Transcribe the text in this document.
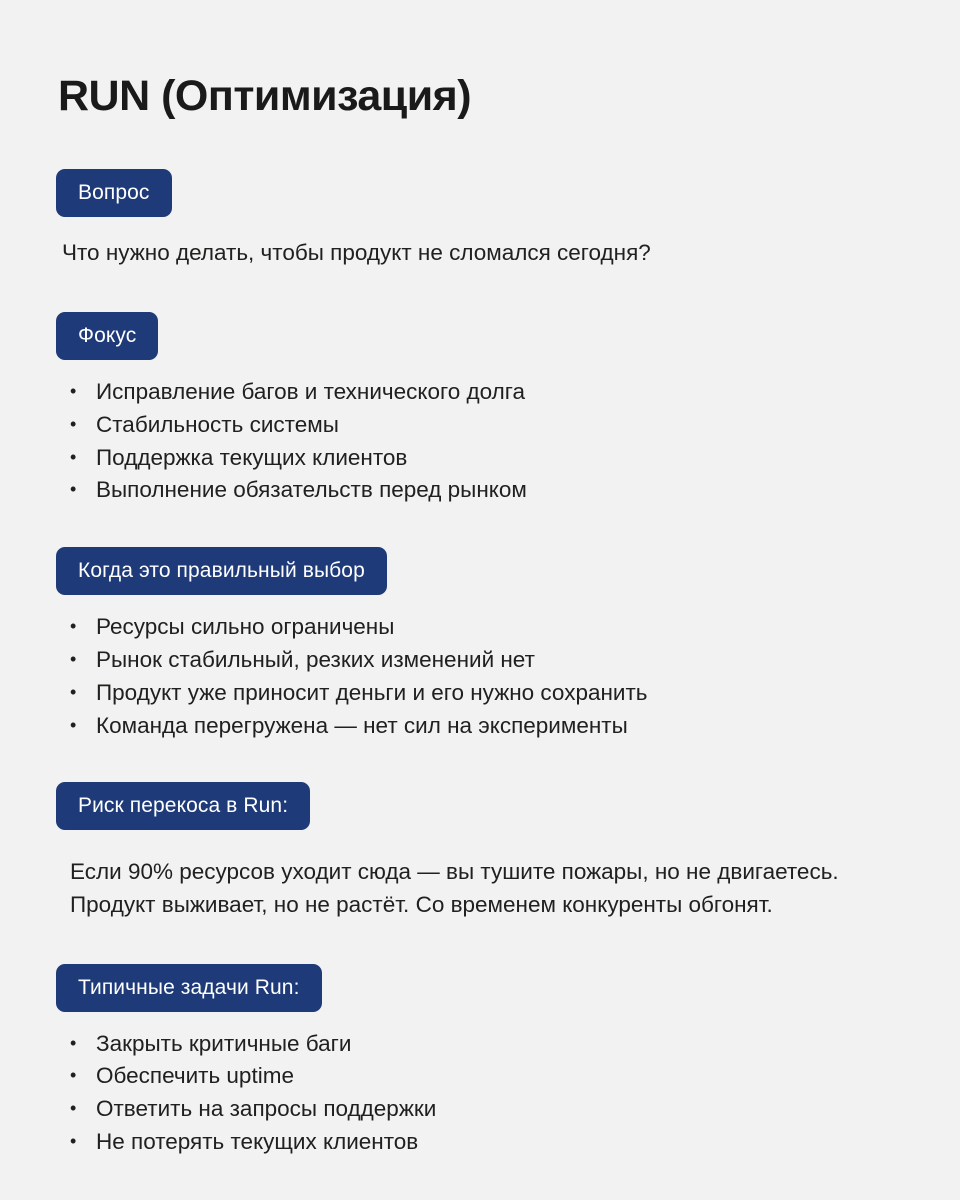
RUN (Оптимизация)
Вопрос

Что нужно делать, чтобы продукт не сломался сегодня?

Фокус
• Исправление багов и технического долга
• Стабильность системы
• Поддержка текущих клиентов
• Выполнение обязательств перед рынком
Когда это правильный выбор
• Ресурсы сильно ограничены
• Рынок стабильный, резких изменений нет
• Продукт уже приносит деньги и его нужно сохранить
• Команда перегружена — нет сил на эксперименты
Риск перекоса в Run:

Если 90% ресурсов уходит сюда — вы тушите пожары, но не двигаетесь. Продукт выживает, но не растёт. Со временем конкуренты обгонят.

Типичные задачи Run:
• Закрыть критичные баги
• Обеспечить uptime
• Ответить на запросы поддержки
• Не потерять текущих клиентов
